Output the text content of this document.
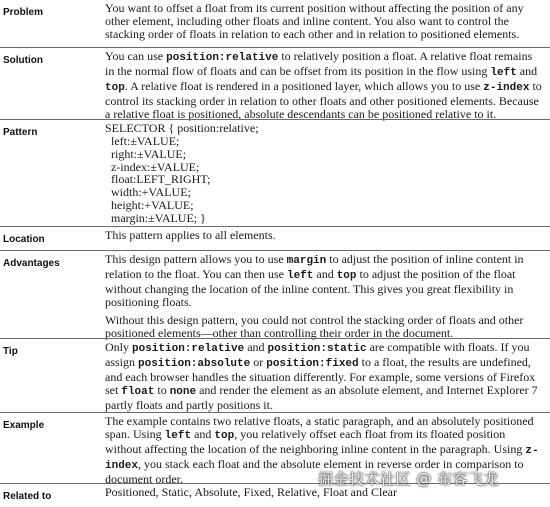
Problem	You want to offset a float from its current position without affecting the position of any other element, including other floats and inline content. You also want to control the stacking order of floats in relation to each other and in relation to positioned elements.

Solution	You can use position:relative to relatively position a float. A relative float remains in the normal flow of floats and can be offset from its position in the flow using left and top. A relative float is rendered in a positioned layer, which allows you to use z-index to control its stacking order in relation to other floats and other positioned elements. Because a relative float is positioned, absolute descendants can be positioned relative to it.

Pattern	SELECTOR { position:relative;
left:±VALUE;
right:±VALUE;
z-index:±VALUE;
float:LEFT_RIGHT;
width:+VALUE;
height:+VALUE;
margin:±VALUE; }
Location	This pattern applies to all elements.

Advantages	This design pattern allows you to use margin to adjust the position of inline content in relation to the float. You can then use left and top to adjust the position of the float without changing the location of the inline content. This gives you great flexibility in positioning floats.

Without this design pattern, you could not control the stacking order of floats and other positioned elements—other than controlling their order in the document.

Tip	Only position:relative and position:static are compatible with floats. If you assign position:absolute or position:fixed to a float, the results are undefined, and each browser handles the situation differently. For example, some versions of Firefox set float to none and render the element as an absolute element, and Internet Explorer 7 partly floats and partly positions it.

Example	The example contains two relative floats, a static paragraph, and an absolutely positioned span. Using left and top, you relatively offset each float from its floated position without affecting the location of the neighboring inline content in the paragraph. Using z-index, you stack each float and the absolute element in reverse order in comparison to document order.

Related to	Positioned, Static, Absolute, Fixed, Relative, Float and Clear

掘金技术社区 @ 布客飞龙
